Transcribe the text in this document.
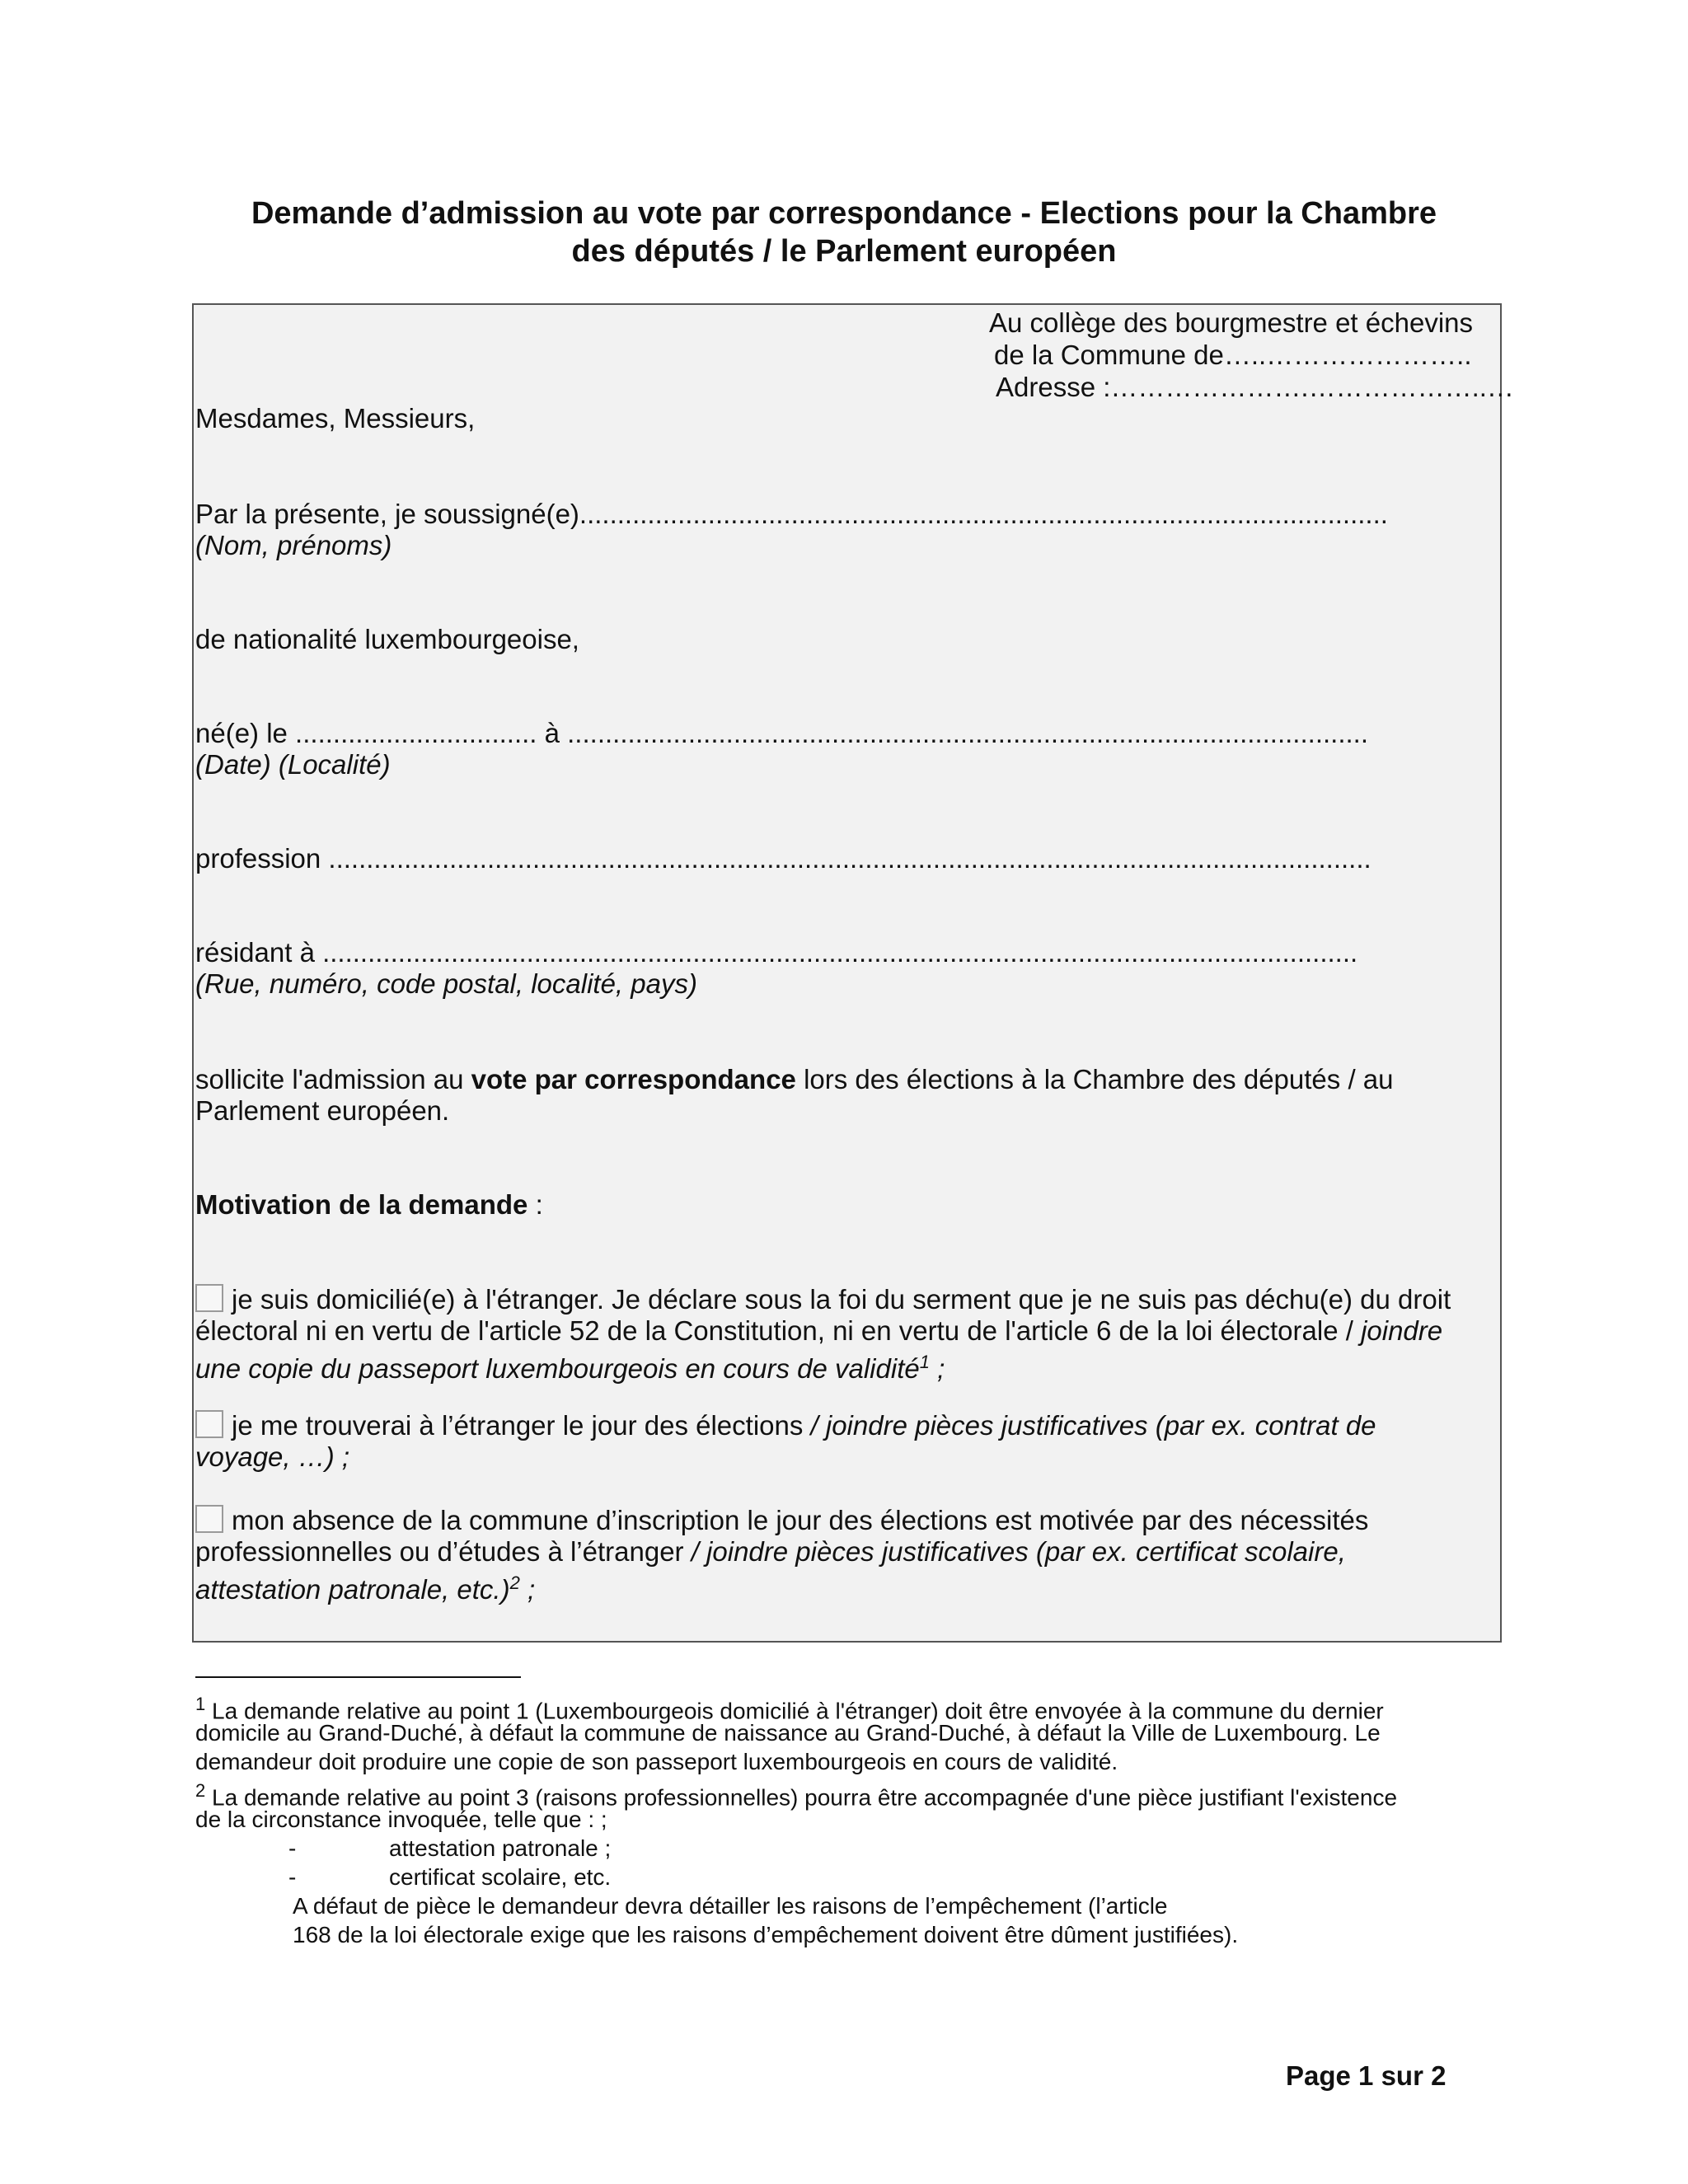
Demande d’admission au vote par correspondance - Elections pour la Chambre
des députés / le Parlement européen
Au collège des bourgmestre et échevins
de la Commune de…..…………………..
Adresse :………………….………………..…
Mesdames, Messieurs,
Par la présente, je soussigné(e)...........................................................................................................
(Nom, prénoms)
de nationalité luxembourgeoise,
né(e) le ................................ à ..........................................................................................................
(Date) (Localité)
profession ..........................................................................................................................................
résidant à .........................................................................................................................................
(Rue, numéro, code postal, localité, pays)
sollicite l'admission au vote par correspondance lors des élections à la Chambre des députés / au
Parlement européen.
Motivation de la demande :
je suis domicilié(e) à l'étranger. Je déclare sous la foi du serment que je ne suis pas déchu(e) du droit
électoral ni en vertu de l'article 52 de la Constitution, ni en vertu de l'article 6 de la loi électorale / joindre
une copie du passeport luxembourgeois en cours de validité$^1$ ;
je me trouverai à l’étranger le jour des élections / joindre pièces justificatives (par ex. contrat de
voyage, …) ;
mon absence de la commune d’inscription le jour des élections est motivée par des nécessités
professionnelles ou d’études à l’étranger / joindre pièces justificatives (par ex. certificat scolaire,
attestation patronale, etc.)$^2$ ;
$^1$ La demande relative au point 1 (Luxembourgeois domicilié à l'étranger) doit être envoyée à la commune du dernier
domicile au Grand-Duché, à défaut la commune de naissance au Grand-Duché, à défaut la Ville de Luxembourg. Le
demandeur doit produire une copie de son passeport luxembourgeois en cours de validité.
$^2$ La demande relative au point 3 (raisons professionnelles) pourra être accompagnée d'une pièce justifiant l'existence
de la circonstance invoquée, telle que : ;
-	attestation patronale ;
-	certificat scolaire, etc.
A défaut de pièce le demandeur devra détailler les raisons de l’empêchement (l’article
168 de la loi électorale exige que les raisons d’empêchement doivent être dûment justifiées).
Page 1 sur 2
